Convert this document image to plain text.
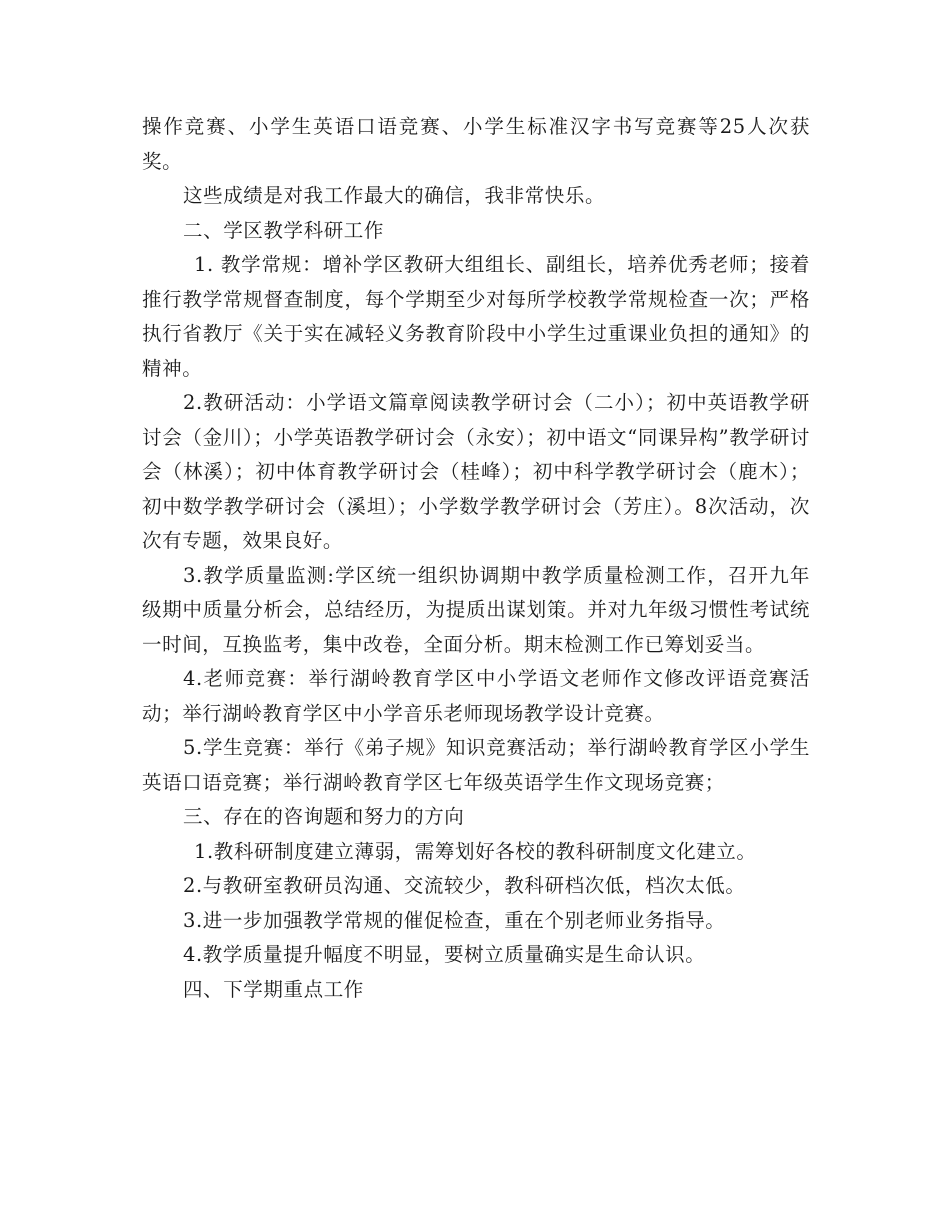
操作竞赛、小学生英语口语竞赛、小学生标准汉字书写竞赛等25人次获奖。

这些成绩是对我工作最大的确信，我非常快乐。

二、学区教学科研工作

1. 教学常规：增补学区教研大组组长、副组长，培养优秀老师；接着推行教学常规督查制度，每个学期至少对每所学校教学常规检查一次；严格执行省教厅《关于实在减轻义务教育阶段中小学生过重课业负担的通知》的精神。

2.教研活动：小学语文篇章阅读教学研讨会（二小）；初中英语教学研讨会（金川）；小学英语教学研讨会（永安）；初中语文“同课异构”教学研讨会（林溪）；初中体育教学研讨会（桂峰）；初中科学教学研讨会（鹿木）；初中数学教学研讨会（溪坦）；小学数学教学研讨会（芳庄）。8次活动，次次有专题，效果良好。

3.教学质量监测:学区统一组织协调期中教学质量检测工作，召开九年级期中质量分析会，总结经历，为提质出谋划策。并对九年级习惯性考试统一时间，互换监考，集中改卷，全面分析。期末检测工作已筹划妥当。

4.老师竞赛：举行湖岭教育学区中小学语文老师作文修改评语竞赛活动；举行湖岭教育学区中小学音乐老师现场教学设计竞赛。

5.学生竞赛：举行《弟子规》知识竞赛活动；举行湖岭教育学区小学生英语口语竞赛；举行湖岭教育学区七年级英语学生作文现场竞赛；

三、存在的咨询题和努力的方向

1.教科研制度建立薄弱，需筹划好各校的教科研制度文化建立。

2.与教研室教研员沟通、交流较少，教科研档次低，档次太低。

3.进一步加强教学常规的催促检查，重在个别老师业务指导。

4.教学质量提升幅度不明显，要树立质量确实是生命认识。

四、下学期重点工作
